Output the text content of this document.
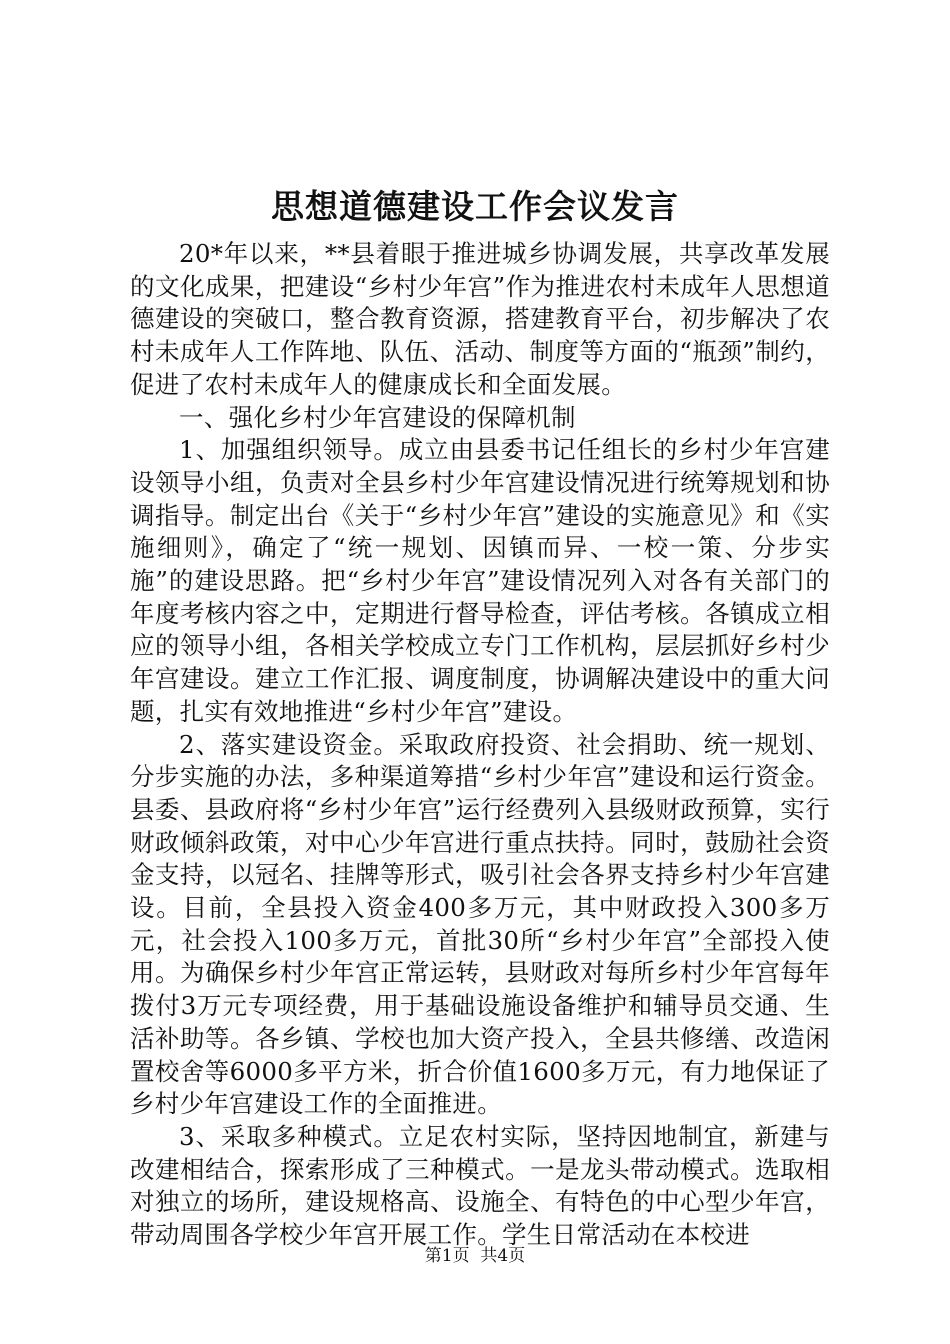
思想道德建设工作会议发言

20*年以来，**县着眼于推进城乡协调发展，共享改革发展的文化成果，把建设“乡村少年宫”作为推进农村未成年人思想道德建设的突破口，整合教育资源，搭建教育平台，初步解决了农村未成年人工作阵地、队伍、活动、制度等方面的“瓶颈”制约，促进了农村未成年人的健康成长和全面发展。

一、强化乡村少年宫建设的保障机制

1、加强组织领导。成立由县委书记任组长的乡村少年宫建设领导小组，负责对全县乡村少年宫建设情况进行统筹规划和协调指导。制定出台《关于“乡村少年宫”建设的实施意见》和《实施细则》，确定了“统一规划、因镇而异、一校一策、分步实施”的建设思路。把“乡村少年宫”建设情况列入对各有关部门的年度考核内容之中，定期进行督导检查，评估考核。各镇成立相应的领导小组，各相关学校成立专门工作机构，层层抓好乡村少年宫建设。建立工作汇报、调度制度，协调解决建设中的重大问题，扎实有效地推进“乡村少年宫”建设。

2、落实建设资金。采取政府投资、社会捐助、统一规划、分步实施的办法，多种渠道筹措“乡村少年宫”建设和运行资金。县委、县政府将“乡村少年宫”运行经费列入县级财政预算，实行财政倾斜政策，对中心少年宫进行重点扶持。同时，鼓励社会资金支持，以冠名、挂牌等形式，吸引社会各界支持乡村少年宫建设。目前，全县投入资金400多万元，其中财政投入300多万元，社会投入100多万元，首批30所“乡村少年宫”全部投入使用。为确保乡村少年宫正常运转，县财政对每所乡村少年宫每年拨付3万元专项经费，用于基础设施设备维护和辅导员交通、生活补助等。各乡镇、学校也加大资产投入，全县共修缮、改造闲置校舍等6000多平方米，折合价值1600多万元，有力地保证了乡村少年宫建设工作的全面推进。

3、采取多种模式。立足农村实际，坚持因地制宜，新建与改建相结合，探索形成了三种模式。一是龙头带动模式。选取相对独立的场所，建设规格高、设施全、有特色的中心型少年宫，带动周围各学校少年宫开展工作。学生日常活动在本校进

第1页 共4页
